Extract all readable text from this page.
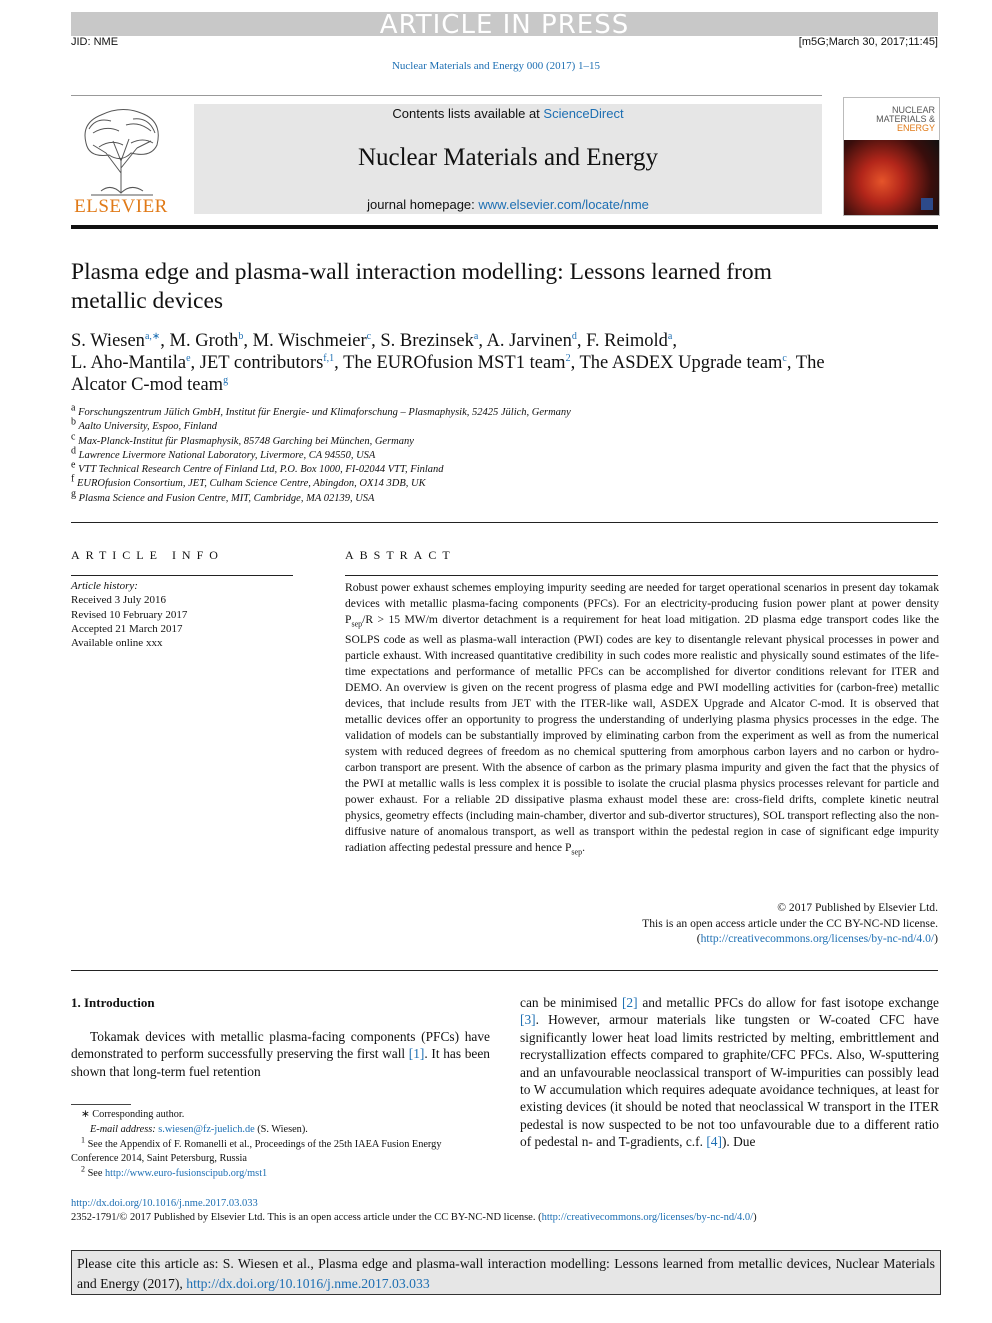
ARTICLE IN PRESS
JID: NME	[m5G;March 30, 2017;11:45]
Nuclear Materials and Energy 000 (2017) 1–15
ELSEVIER
Contents lists available at ScienceDirect
Nuclear Materials and Energy
journal homepage: www.elsevier.com/locate/nme
NUCLEAR
MATERIALS &
ENERGY
Plasma edge and plasma-wall interaction modelling: Lessons learned from metallic devices
S. Wiesen$^{a,∗}$, M. Groth$^b$, M. Wischmeier$^c$, S. Brezinsek$^a$, A. Jarvinen$^d$, F. Reimold$^a$,
L. Aho-Mantila$^e$, JET contributors$^{f,1}$, The EUROfusion MST1 team$^2$, The ASDEX Upgrade team$^c$, The Alcator C-mod team$^g$
$^a$ Forschungszentrum Jülich GmbH, Institut für Energie- und Klimaforschung – Plasmaphysik, 52425 Jülich, Germany
$^b$ Aalto University, Espoo, Finland
$^c$ Max-Planck-Institut für Plasmaphysik, 85748 Garching bei München, Germany
$^d$ Lawrence Livermore National Laboratory, Livermore, CA 94550, USA
$^e$ VTT Technical Research Centre of Finland Ltd, P.O. Box 1000, FI-02044 VTT, Finland
$^f$ EUROfusion Consortium, JET, Culham Science Centre, Abingdon, OX14 3DB, UK
$^g$ Plasma Science and Fusion Centre, MIT, Cambridge, MA 02139, USA
ARTICLE INFO
Article history:
Received 3 July 2016
Revised 10 February 2017
Accepted 21 March 2017
Available online xxx
ABSTRACT
Robust power exhaust schemes employing impurity seeding are needed for target operational scenarios in present day tokamak devices with metallic plasma-facing components (PFCs). For an electricity-producing fusion power plant at power density $P_{sep}/R > 15$ MW/m divertor detachment is a requirement for heat load mitigation. 2D plasma edge transport codes like the SOLPS code as well as plasma-wall interaction (PWI) codes are key to disentangle relevant physical processes in power and particle exhaust. With increased quantitative credibility in such codes more realistic and physically sound estimates of the life-time expectations and performance of metallic PFCs can be accomplished for divertor conditions relevant for ITER and DEMO. An overview is given on the recent progress of plasma edge and PWI modelling activities for (carbon-free) metallic devices, that include results from JET with the ITER-like wall, ASDEX Upgrade and Alcator C-mod. It is observed that metallic devices offer an opportunity to progress the understanding of underlying plasma physics processes in the edge. The validation of models can be substantially improved by eliminating carbon from the experiment as well as from the numerical system with reduced degrees of freedom as no chemical sputtering from amorphous carbon layers and no carbon or hydro-carbon transport are present. With the absence of carbon as the primary plasma impurity and given the fact that the physics of the PWI at metallic walls is less complex it is possible to isolate the crucial plasma physics processes relevant for particle and power exhaust. For a reliable 2D dissipative plasma exhaust model these are: cross-field drifts, complete kinetic neutral physics, geometry effects (including main-chamber, divertor and sub-divertor structures), SOL transport reflecting also the non-diffusive nature of anomalous transport, as well as transport within the pedestal region in case of significant edge impurity radiation affecting pedestal pressure and hence $P_{sep}$.
© 2017 Published by Elsevier Ltd.
This is an open access article under the CC BY-NC-ND license.
(http://creativecommons.org/licenses/by-nc-nd/4.0/)
1. Introduction
Tokamak devices with metallic plasma-facing components (PFCs) have demonstrated to perform successfully preserving the first wall [1]. It has been shown that long-term fuel retention
can be minimised [2] and metallic PFCs do allow for fast isotope exchange [3]. However, armour materials like tungsten or W-coated CFC have significantly lower heat load limits restricted by melting, embrittlement and recrystallization effects compared to graphite/CFC PFCs. Also, W-sputtering and an unfavourable neoclassical transport of W-impurities can possibly lead to W accumulation which requires adequate avoidance techniques, at least for existing devices (it should be noted that neoclassical W transport in the ITER pedestal is now suspected to be not too unfavourable due to a different ratio of pedestal n- and T-gradients, c.f. [4]). Due
∗ Corresponding author.
E-mail address: s.wiesen@fz-juelich.de (S. Wiesen).
$^1$ See the Appendix of F. Romanelli et al., Proceedings of the 25th IAEA Fusion Energy Conference 2014, Saint Petersburg, Russia
$^2$ See http://www.euro-fusionscipub.org/mst1
http://dx.doi.org/10.1016/j.nme.2017.03.033
2352-1791/© 2017 Published by Elsevier Ltd. This is an open access article under the CC BY-NC-ND license. (http://creativecommons.org/licenses/by-nc-nd/4.0/)
Please cite this article as: S. Wiesen et al., Plasma edge and plasma-wall interaction modelling: Lessons learned from metallic devices, Nuclear Materials and Energy (2017), http://dx.doi.org/10.1016/j.nme.2017.03.033
